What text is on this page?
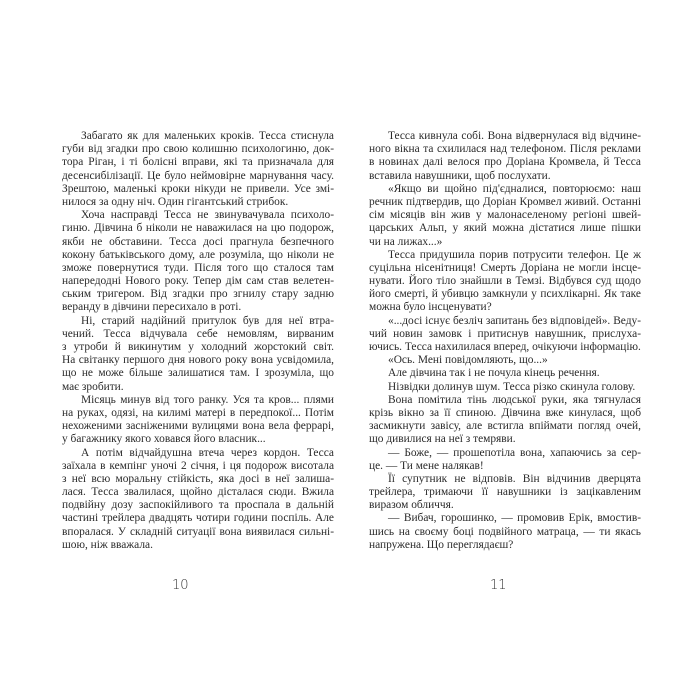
Забагато як для маленьких кроків. Тесса стиснула
губи від згадки про свою колишню психологиню, док-
тора Ріган, і ті болісні вправи, які та призначала для
десенсибілізації. Це було неймовірне марнування часу.
Зрештою, маленькі кроки нікуди не привели. Усе змі-
нилося за одну ніч. Один гігантський стрибок.
Хоча насправді Тесса не звинувачувала психоло-
гиню. Дівчина б ніколи не наважилася на цю подорож,
якби не обставини. Тесса досі прагнула безпечного
кокону батьківського дому, але розуміла, що ніколи не
зможе повернутися туди. Після того що сталося там
напередодні Нового року. Тепер дім сам став велетен-
ським тригером. Від згадки про згнилу стару задню
веранду в дівчини пересихало в роті.
Ні, старий надійний притулок був для неї втра-
чений. Тесса відчувала себе немовлям, вирваним
з утроби й викинутим у холодний жорстокий світ.
На світанку першого дня нового року вона усвідомила,
що не може більше залишатися там. І зрозуміла, що
має зробити.
Місяць минув від того ранку. Уся та кров... плями
на руках, одязі, на килимі матері в передпокої... Потім
нехоженими засніженими вулицями вона вела феррарі,
у багажнику якого ховався його власник...
А потім відчайдушна втеча через кордон. Тесса
заїхала в кемпінг уночі 2 січня, і ця подорож висотала
з неї всю моральну стійкість, яка досі в неї залиша-
лася. Тесса звалилася, щойно дісталася сюди. Вжила
подвійну дозу заспокійливого та проспала в дальній
частині трейлера двадцять чотири години поспіль. Але
впоралася. У складній ситуації вона виявилася сильні-
шою, ніж вважала.
Тесса кивнула собі. Вона відвернулася від відчине-
ного вікна та схилилася над телефоном. Після реклами
в новинах далі велося про Доріана Кромвела, й Тесса
вставила навушники, щоб послухати.
«Якщо ви щойно під'єдналися, повторюємо: наш
речник підтвердив, що Доріан Кромвел живий. Останні
сім місяців він жив у малонаселеному регіоні швей-
царських Альп, у який можна дістатися лише пішки
чи на лижах...»
Тесса придушила порив потрусити телефон. Це ж
суцільна нісенітниця! Смерть Доріана не могли інсце-
нувати. Його тіло знайшли в Темзі. Відбувся суд щодо
його смерті, й убивцю замкнули у психлікарні. Як таке
можна було інсценувати?
«...досі існує безліч запитань без відповідей». Веду-
чий новин замовк і притиснув навушник, прислуха-
ючись. Тесса нахилилася вперед, очікуючи інформацію.
«Ось. Мені повідомляють, що...»
Але дівчина так і не почула кінець речення.
Нізвідки долинув шум. Тесса різко скинула голову.
Вона помітила тінь людської руки, яка тягнулася
крізь вікно за її спиною. Дівчина вже кинулася, щоб
засмикнути завісу, але встигла впіймати погляд очей,
що дивилися на неї з темряви.
— Боже, — прошепотіла вона, хапаючись за сер-
це. — Ти мене налякав!
Її супутник не відповів. Він відчинив дверцята
трейлера, тримаючи її навушники із зацікавленим
виразом обличчя.
— Вибач, горошинко, — промовив Ерік, вмостив-
шись на своєму боці подвійного матраца, — ти якась
напружена. Що переглядаєш?
10	11
